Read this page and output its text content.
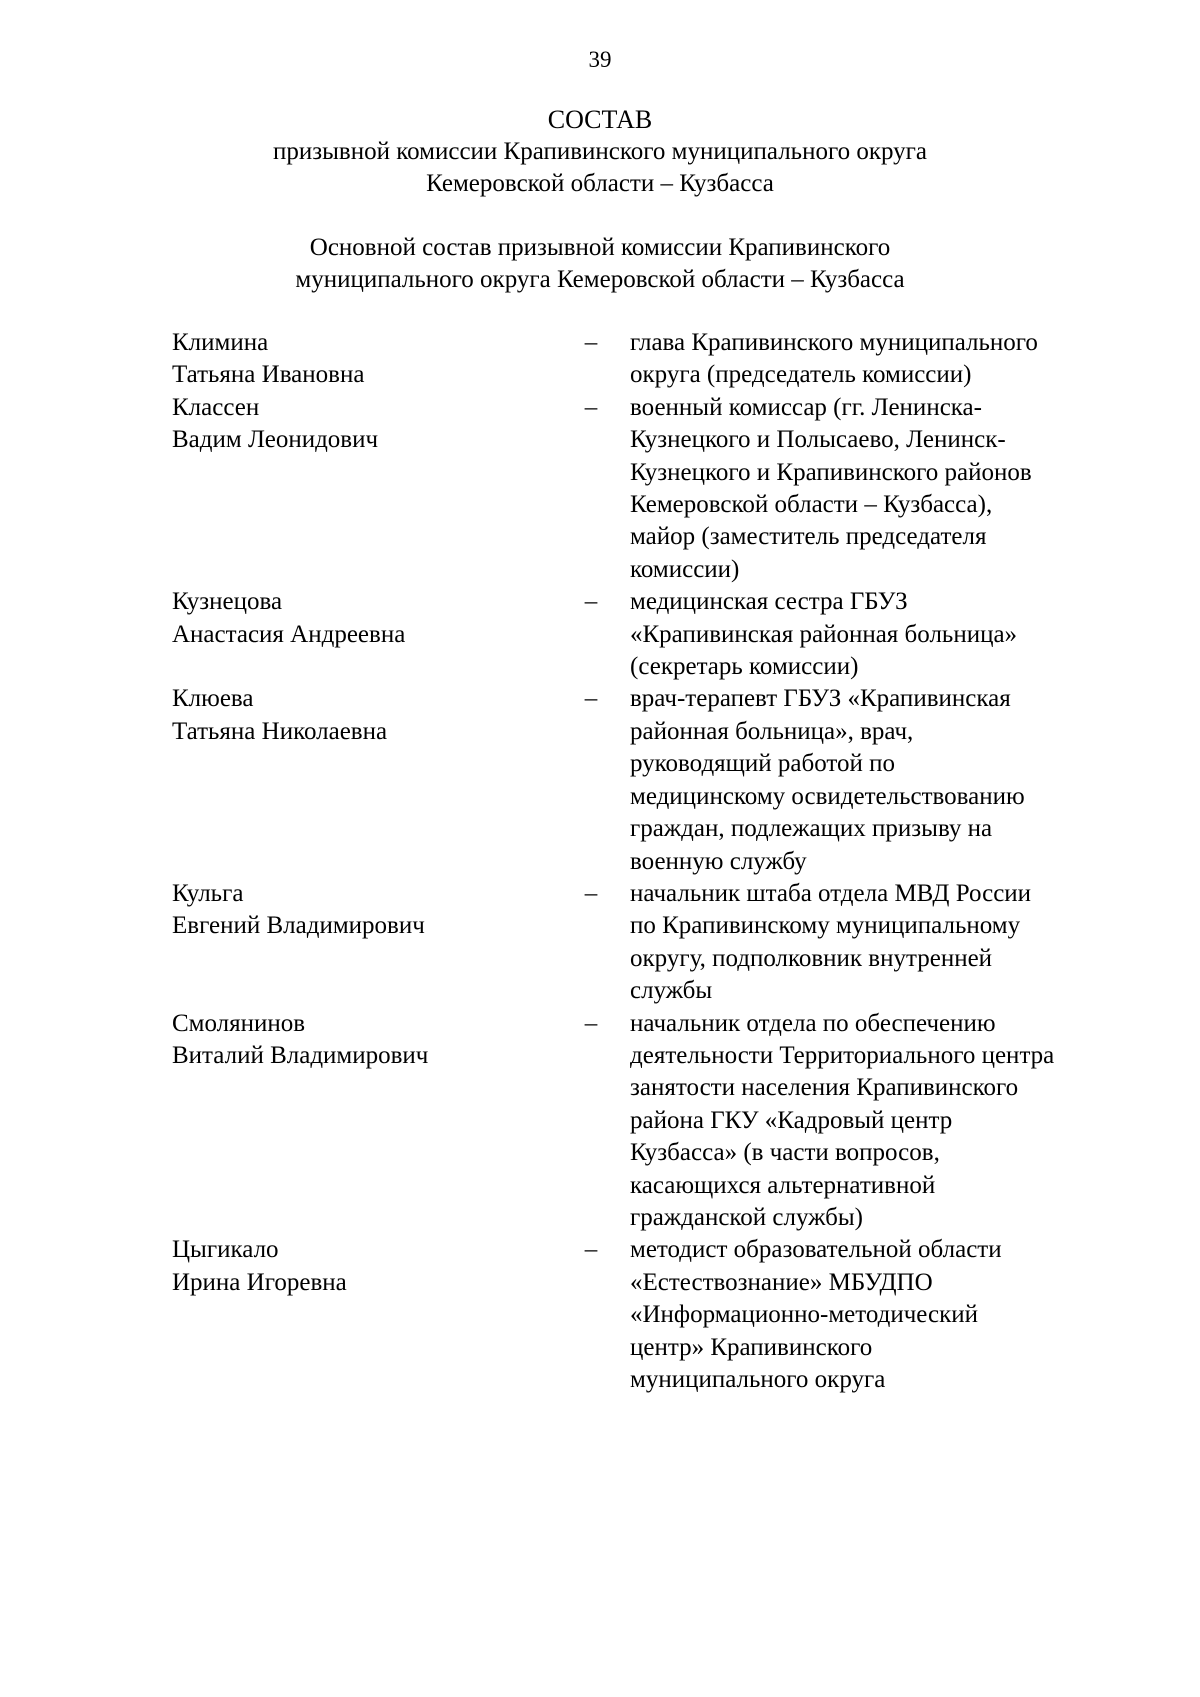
39
СОСТАВ
призывной комиссии Крапивинского муниципального округа
Кемеровской области – Кузбасса
Основной состав призывной комиссии Крапивинского
муниципального округа Кемеровской области – Кузбасса
Климина
Татьяна Ивановна
– глава Крапивинского муниципального
округа (председатель комиссии)
Классен
Вадим Леонидович
– военный комиссар (гг. Ленинска-
Кузнецкого и Полысаево, Ленинск-
Кузнецкого и Крапивинского районов
Кемеровской области – Кузбасса),
майор (заместитель председателя
комиссии)
Кузнецова
Анастасия Андреевна
– медицинская сестра ГБУЗ
«Крапивинская районная больница»
(секретарь комиссии)
Клюева
Татьяна Николаевна
– врач-терапевт ГБУЗ «Крапивинская
районная больница», врач,
руководящий работой по
медицинскому освидетельствованию
граждан, подлежащих призыву на
военную службу
Кульга
Евгений Владимирович
– начальник штаба отдела МВД России
по Крапивинскому муниципальному
округу, подполковник внутренней
службы
Смолянинов
Виталий Владимирович
– начальник отдела по обеспечению
деятельности Территориального центра
занятости населения Крапивинского
района ГКУ «Кадровый центр
Кузбасса» (в части вопросов,
касающихся альтернативной
гражданской службы)
Цыгикало
Ирина Игоревна
– методист образовательной области
«Естествознание» МБУДПО
«Информационно-методический
центр» Крапивинского
муниципального округа
